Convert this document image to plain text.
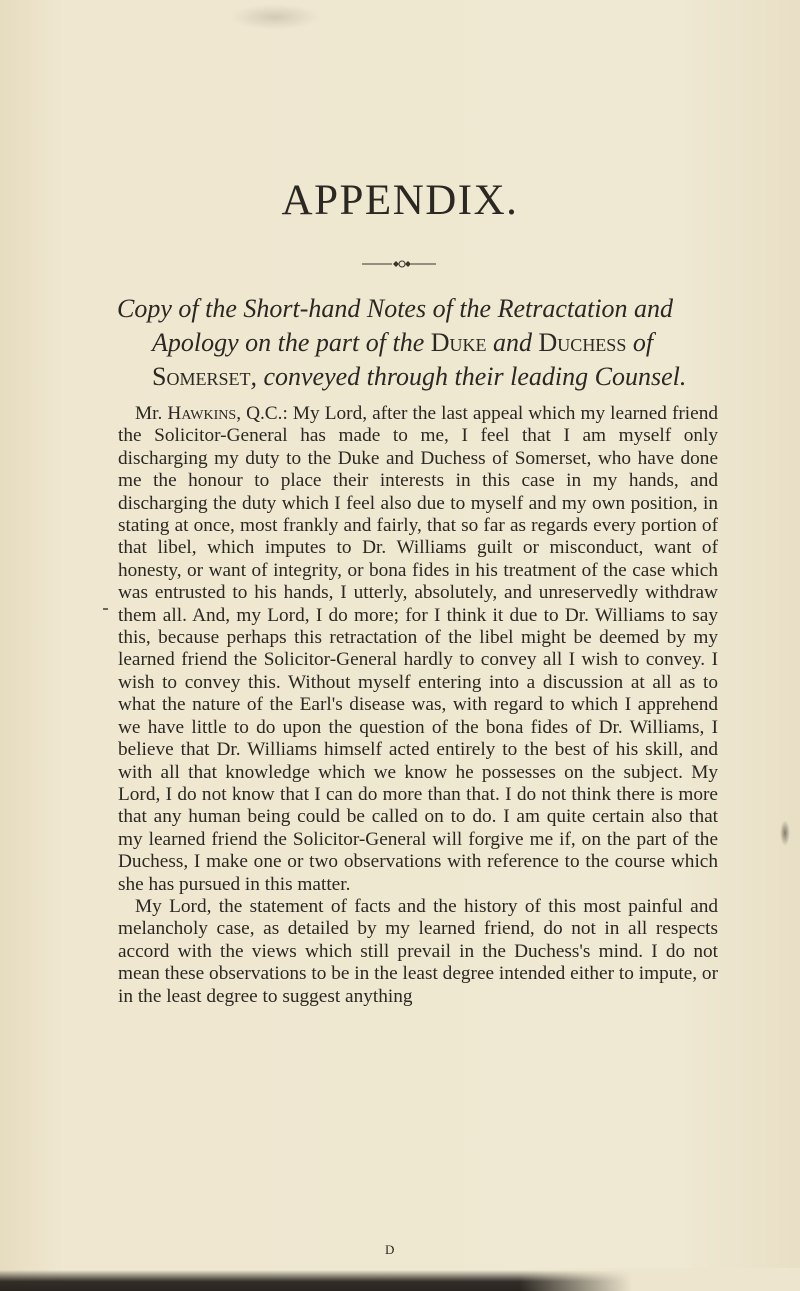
APPENDIX.
Copy of the Short-hand Notes of the Retractation and
Apology on the part of the Duke and Duchess of
Somerset, conveyed through their leading Counsel.

Mr. Hawkins, Q.C.: My Lord, after the last appeal which my learned friend the Solicitor-General has made to me, I feel that I am myself only discharging my duty to the Duke and Duchess of Somerset, who have done me the honour to place their interests in this case in my hands, and discharging the duty which I feel also due to myself and my own position, in stating at once, most frankly and fairly, that so far as regards every portion of that libel, which imputes to Dr. Williams guilt or misconduct, want of honesty, or want of integrity, or bona fides in his treatment of the case which was entrusted to his hands, I utterly, absolutely, and unreservedly withdraw them all. And, my Lord, I do more; for I think it due to Dr. Williams to say this, because perhaps this retractation of the libel might be deemed by my learned friend the Solicitor-General hardly to convey all I wish to convey. I wish to convey this. Without myself entering into a discussion at all as to what the nature of the Earl's disease was, with regard to which I apprehend we have little to do upon the question of the bona fides of Dr. Williams, I believe that Dr. Williams himself acted entirely to the best of his skill, and with all that knowledge which we know he possesses on the subject. My Lord, I do not know that I can do more than that. I do not think there is more that any human being could be called on to do. I am quite certain also that my learned friend the Solicitor-General will forgive me if, on the part of the Duchess, I make one or two observations with reference to the course which she has pursued in this matter.

My Lord, the statement of facts and the history of this most painful and melancholy case, as detailed by my learned friend, do not in all respects accord with the views which still prevail in the Duchess's mind. I do not mean these observations to be in the least degree intended either to impute, or in the least degree to suggest anything

D
